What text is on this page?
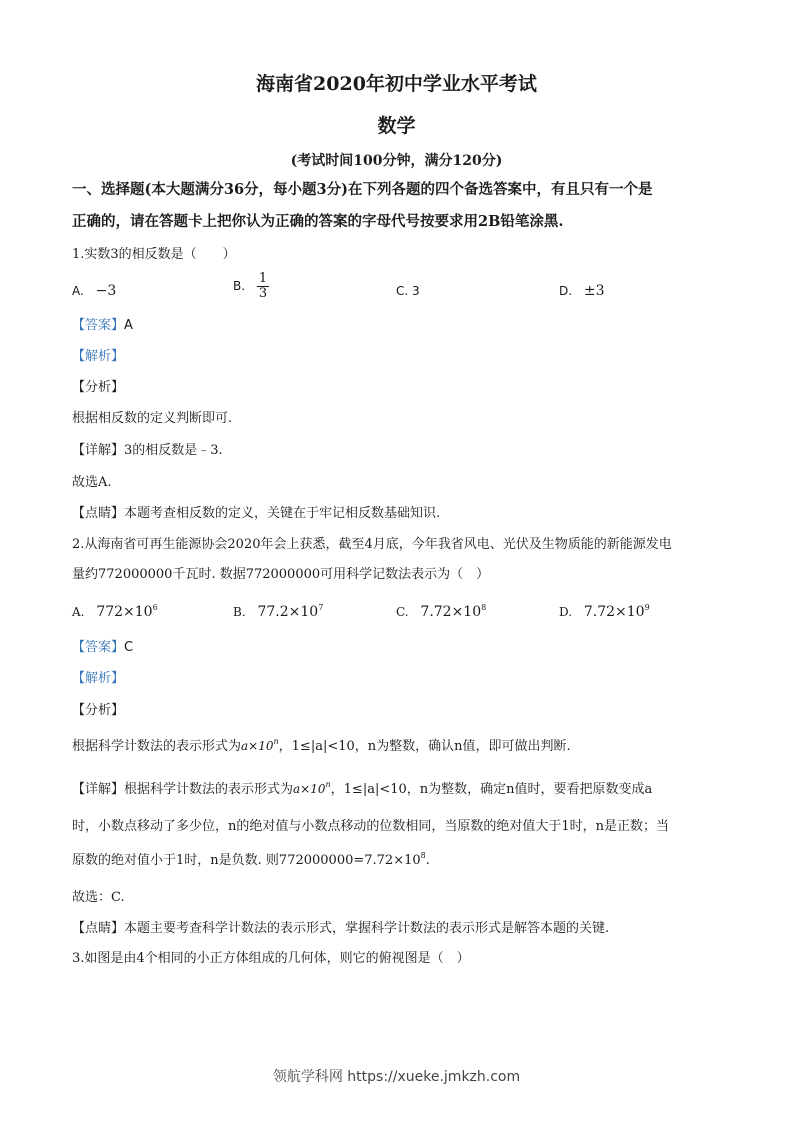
海南省2020年初中学业水平考试
数学
(考试时间100分钟，满分120分)
一、选择题(本大题满分36分，每小题3分)在下列各题的四个备选答案中，有且只有一个是
正确的，请在答题卡上把你认为正确的答案的字母代号按要求用2B铅笔涂黑.
1.实数3的相反数是（　　）
A. −3	B. $\frac{1}{3}$	C. 3	D. ±3
【答案】A
【解析】
【分析】
根据相反数的定义判断即可.
【详解】3的相反数是﹣3.
故选A.
【点睛】本题考查相反数的定义，关键在于牢记相反数基础知识.
2.从海南省可再生能源协会2020年会上获悉，截至4月底，今年我省风电、光伏及生物质能的新能源发电
量约772000000千瓦时. 数据772000000可用科学记数法表示为（　）
A. $772\times 10^6$	B. $77.2\times 10^7$	C. $7.72\times 10^8$	D. $7.72\times 10^9$
【答案】C
【解析】
【分析】
根据科学计数法的表示形式为$a\times 10^n$，1≤|a|<10，n为整数，确认n值，即可做出判断.
【详解】根据科学计数法的表示形式为$a\times 10^n$，1≤|a|<10，n为整数，确定n值时，要看把原数变成a
时，小数点移动了多少位，n的绝对值与小数点移动的位数相同，当原数的绝对值大于1时，n是正数；当
原数的绝对值小于1时，n是负数. 则$772000000=7.72\times 10^8$.
故选：C.
【点睛】本题主要考查科学计数法的表示形式，掌握科学计数法的表示形式是解答本题的关键.
3.如图是由4个相同的小正方体组成的几何体，则它的俯视图是（　）
领航学科网 https://xueke.jmkzh.com
